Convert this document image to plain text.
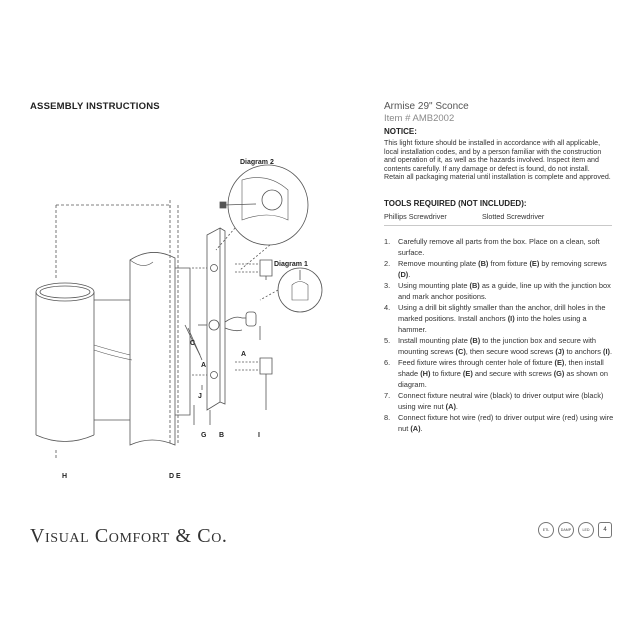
ASSEMBLY INSTRUCTIONS	Armise 29" Sconce
Item # AMB2002
NOTICE:
This light fixture should be installed in accordance with all applicable, local installation codes, and by a person familiar with the construction and operation of it, as well as the hazards involved. Inspect item and contents carefully. If any damage or defect is found, do not install. Retain all packaging material until installation is complete and approved.
TOOLS REQUIRED (NOT INCLUDED):
Phillips Screwdriver	Slotted Screwdriver
1. Carefully remove all parts from the box. Place on a clean, soft surface.
2. Remove mounting plate (B) from fixture (E) by removing screws (D).
3. Using mounting plate (B) as a guide, line up with the junction box and mark anchor positions.
4. Using a drill bit slightly smaller than the anchor, drill holes in the marked positions. Install anchors (I) into the holes using a hammer.
5. Install mounting plate (B) to the junction box and secure with mounting screws (C), then secure wood screws (J) to anchors (I).
6. Feed fixture wires through center hole of fixture (E), then install shade (H) to fixture (E) and secure with screws (G) as shown on diagram.
7. Connect fixture neutral wire (black) to driver output wire (black) using wire nut (A).
8. Connect fixture hot wire (red) to driver output wire (red) using wire nut (A).
Diagram 2
Diagram 1
C
A
A
J
G B	I
D E
H
Visual Comfort & Co.	ETL	DAMP	LED	4
